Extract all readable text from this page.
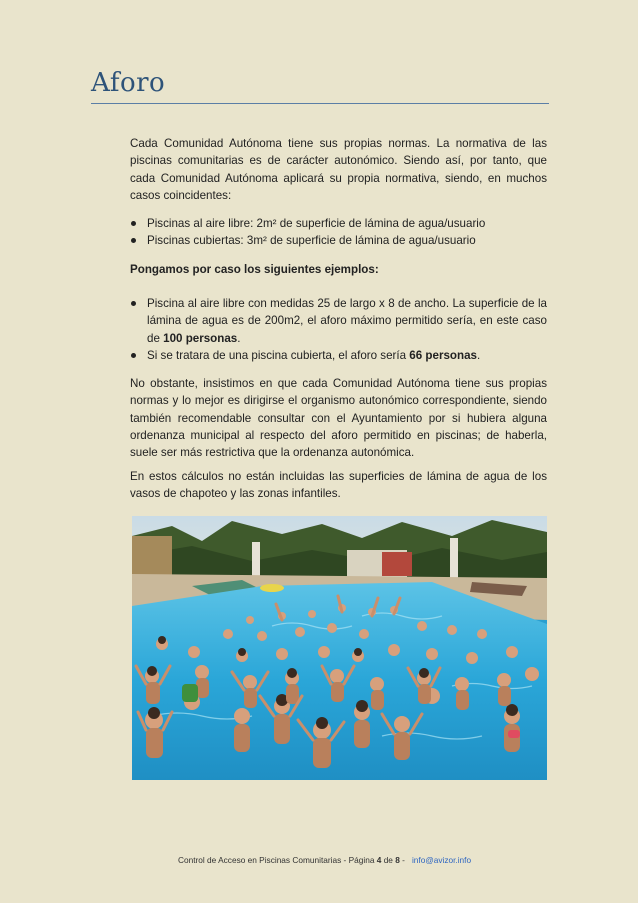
Aforo
Cada Comunidad Autónoma tiene sus propias normas. La normativa de las piscinas comunitarias es de carácter autonómico. Siendo así, por tanto, que cada Comunidad Autónoma aplicará su propia normativa, siendo, en muchos casos coincidentes:
Piscinas al aire libre: 2m² de superficie de lámina de agua/usuario
Piscinas cubiertas: 3m² de superficie de lámina de agua/usuario
Pongamos por caso los siguientes ejemplos:
Piscina al aire libre con medidas 25 de largo x 8 de ancho. La superficie de la lámina de agua es de 200m2, el aforo máximo permitido sería, en este caso de 100 personas.
Si se tratara de una piscina cubierta, el aforo sería 66 personas.
No obstante, insistimos en que cada Comunidad Autónoma tiene sus propias normas y lo mejor es dirigirse el organismo autonómico correspondiente, siendo también recomendable consultar con el Ayuntamiento por si hubiera alguna ordenanza municipal al respecto del aforo permitido en piscinas; de haberla, suele ser más restrictiva que la ordenanza autonómica.
En estos cálculos no están incluidas las superficies de lámina de agua de los vasos de chapoteo y las zonas infantiles.
Control de Acceso en Piscinas Comunitarias - Página 4 de 8 - info@avizor.info
